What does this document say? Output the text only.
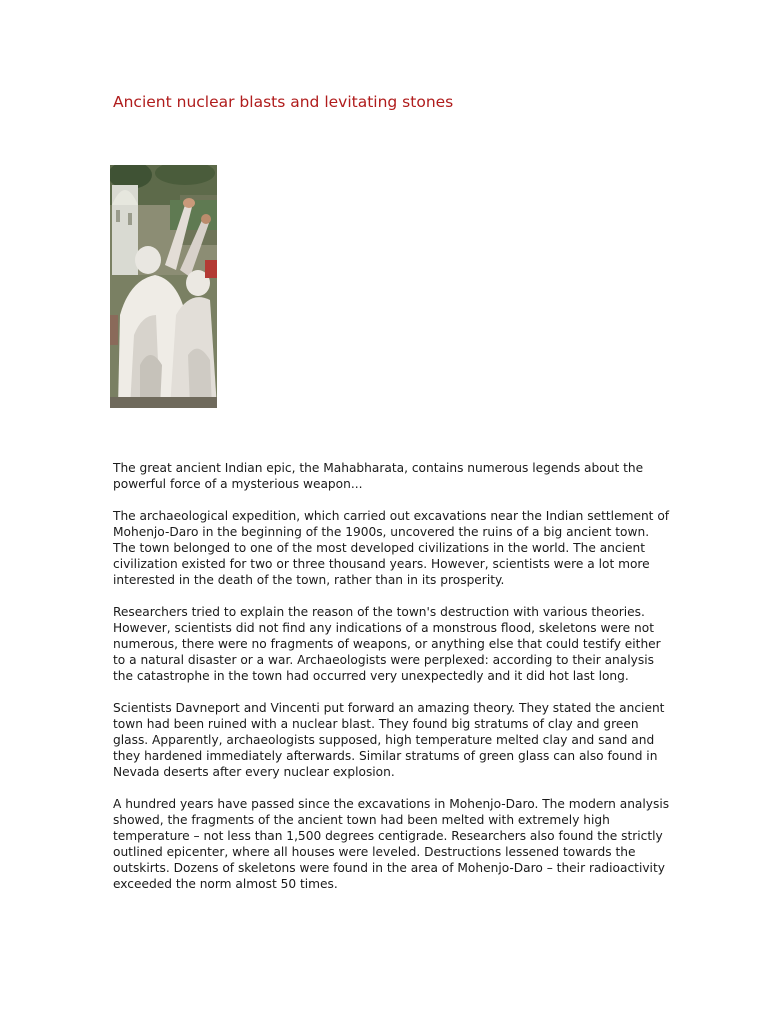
Ancient nuclear blasts and levitating stones

The great ancient Indian epic, the Mahabharata, contains numerous legends about the powerful force of a mysterious weapon...

The archaeological expedition, which carried out excavations near the Indian settlement of Mohenjo-Daro in the beginning of the 1900s, uncovered the ruins of a big ancient town. The town belonged to one of the most developed civilizations in the world. The ancient civilization existed for two or three thousand years. However, scientists were a lot more interested in the death of the town, rather than in its prosperity.

Researchers tried to explain the reason of the town's destruction with various theories. However, scientists did not find any indications of a monstrous flood, skeletons were not numerous, there were no fragments of weapons, or anything else that could testify either to a natural disaster or a war. Archaeologists were perplexed: according to their analysis the catastrophe in the town had occurred very unexpectedly and it did hot last long.

Scientists Davneport and Vincenti put forward an amazing theory. They stated the ancient town had been ruined with a nuclear blast. They found big stratums of clay and green glass. Apparently, archaeologists supposed, high temperature melted clay and sand and they hardened immediately afterwards. Similar stratums of green glass can also found in Nevada deserts after every nuclear explosion.

A hundred years have passed since the excavations in Mohenjo-Daro. The modern analysis showed, the fragments of the ancient town had been melted with extremely high temperature – not less than 1,500 degrees centigrade. Researchers also found the strictly outlined epicenter, where all houses were leveled. Destructions lessened towards the outskirts. Dozens of skeletons were found in the area of Mohenjo-Daro – their radioactivity exceeded the norm almost 50 times.
